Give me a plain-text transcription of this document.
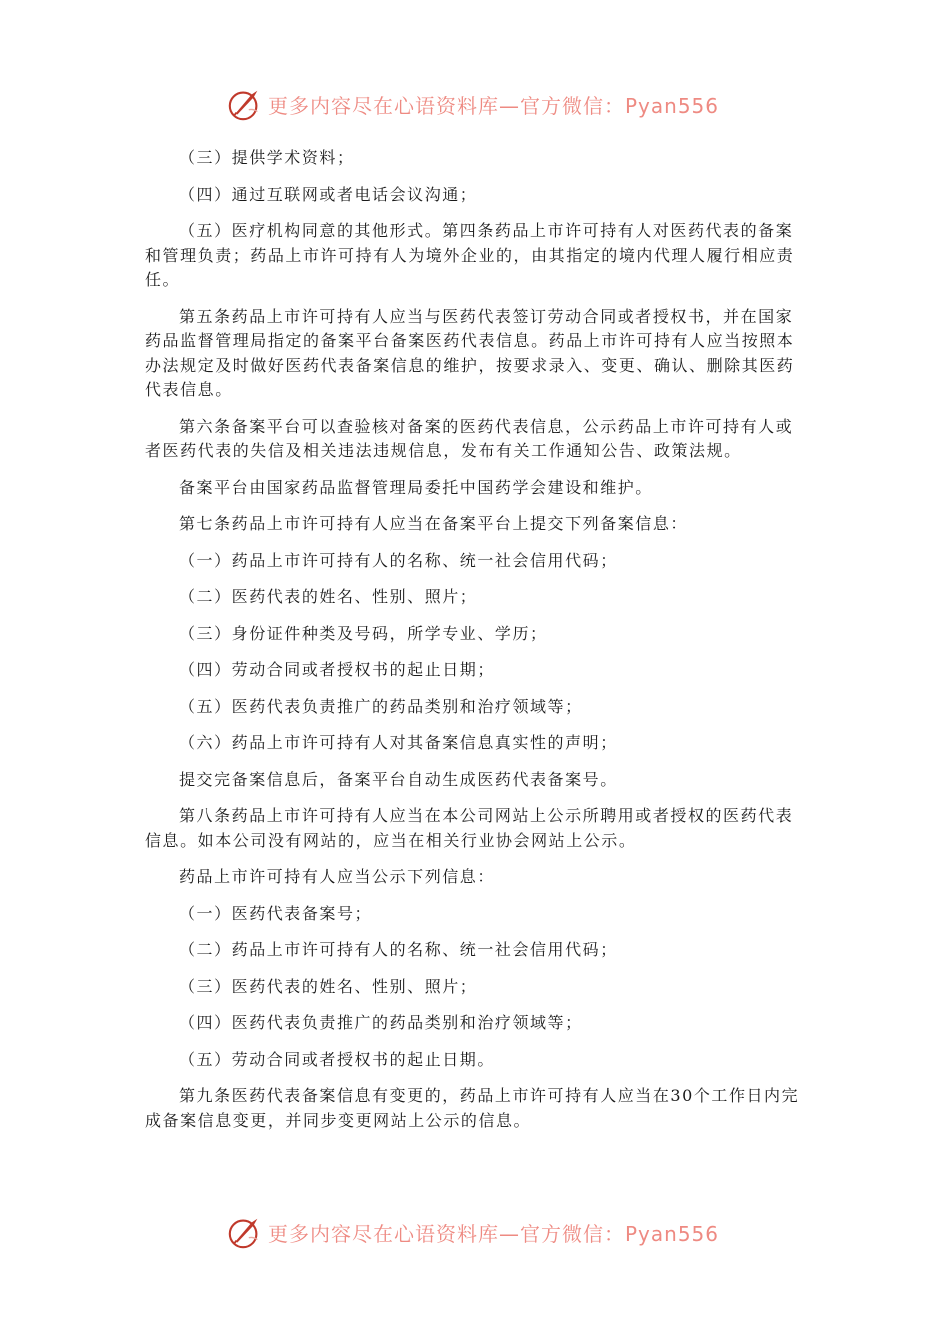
更多内容尽在心语资料库—官方微信：Pyan556

（三）提供学术资料；

（四）通过互联网或者电话会议沟通；

（五）医疗机构同意的其他形式。第四条药品上市许可持有人对医药代表的备案和管理负责；药品上市许可持有人为境外企业的，由其指定的境内代理人履行相应责任。

第五条药品上市许可持有人应当与医药代表签订劳动合同或者授权书，并在国家药品监督管理局指定的备案平台备案医药代表信息。药品上市许可持有人应当按照本办法规定及时做好医药代表备案信息的维护，按要求录入、变更、确认、删除其医药代表信息。

第六条备案平台可以查验核对备案的医药代表信息，公示药品上市许可持有人或者医药代表的失信及相关违法违规信息，发布有关工作通知公告、政策法规。

备案平台由国家药品监督管理局委托中国药学会建设和维护。

第七条药品上市许可持有人应当在备案平台上提交下列备案信息：

（一）药品上市许可持有人的名称、统一社会信用代码；

（二）医药代表的姓名、性别、照片；

（三）身份证件种类及号码，所学专业、学历；

（四）劳动合同或者授权书的起止日期；

（五）医药代表负责推广的药品类别和治疗领域等；

（六）药品上市许可持有人对其备案信息真实性的声明；

提交完备案信息后，备案平台自动生成医药代表备案号。

第八条药品上市许可持有人应当在本公司网站上公示所聘用或者授权的医药代表信息。如本公司没有网站的，应当在相关行业协会网站上公示。

药品上市许可持有人应当公示下列信息：

（一）医药代表备案号；

（二）药品上市许可持有人的名称、统一社会信用代码；

（三）医药代表的姓名、性别、照片；

（四）医药代表负责推广的药品类别和治疗领域等；

（五）劳动合同或者授权书的起止日期。

第九条医药代表备案信息有变更的，药品上市许可持有人应当在30个工作日内完成备案信息变更，并同步变更网站上公示的信息。

更多内容尽在心语资料库—官方微信：Pyan556
